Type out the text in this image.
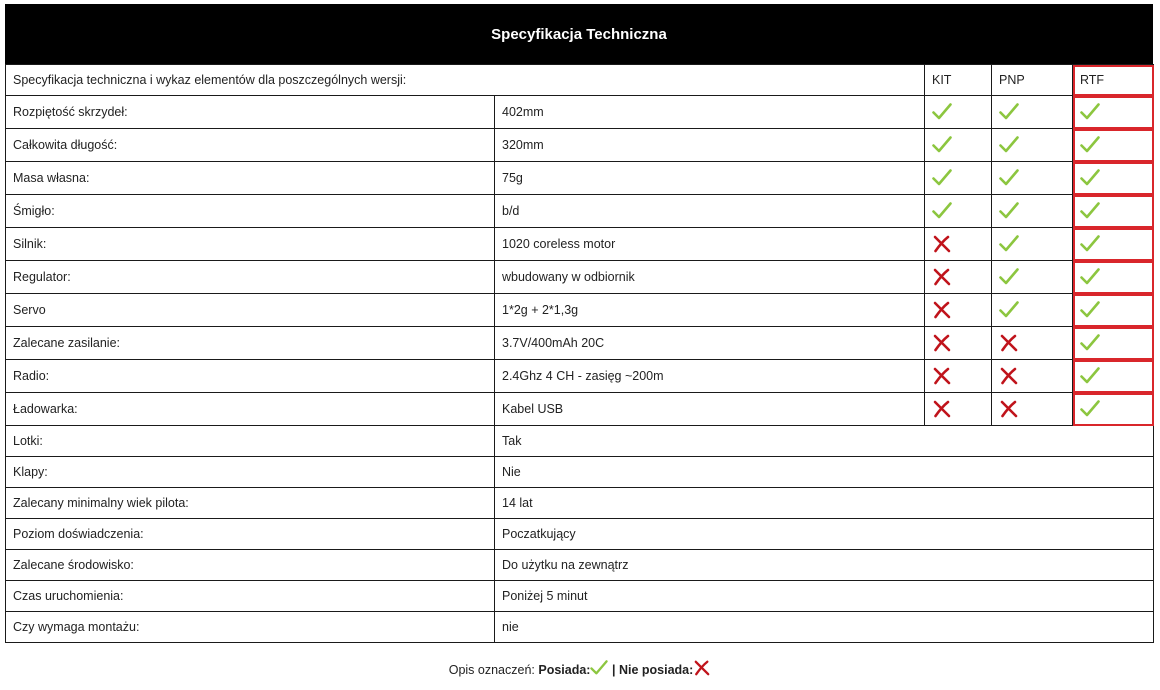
Specyfikacja Techniczna
Specyfikacja techniczna i wykaz elementów dla poszczególnych wersji:		KIT	PNP	RTF
Rozpiętość skrzydeł:	402mm	

Całkowita długość:	320mm	

Masa własna:	75g	

Śmigło:	b/d	

Silnik:	1020 coreless motor	

Regulator:	wbudowany w odbiornik	

Servo	1*2g + 2*1,3g	

Zalecane zasilanie:	3.7V/400mAh 20C	

Radio:	2.4Ghz 4 CH - zasięg ~200m	

Ładowarka:	Kabel USB	

Lotki:	Tak			
Klapy:	Nie			
Zalecany minimalny wiek pilota:	14 lat			
Poziom doświadczenia:	Poczatkujący			
Zalecane środowisko:	Do użytku na zewnątrz			
Czas uruchomienia:	Poniżej 5 minut			
Czy wymaga montażu:	nie			
Opis oznaczeń: Posiada: | Nie posiada:
